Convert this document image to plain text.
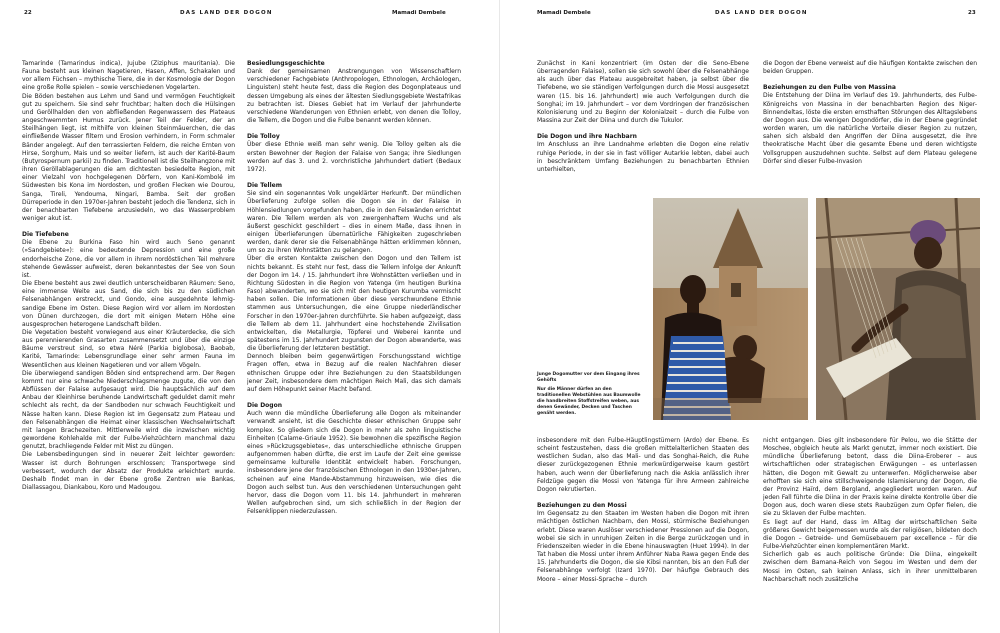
22	DAS LAND DER DOGON	Mamadi Dembele

Tamarinde (Tamarindus indica), Jujube (Ziziphus mauritania). Die Fauna besteht aus kleinen Nagetieren, Hasen, Affen, Schakalen und vor allem Füchsen – mythische Tiere, die in der Kosmologie der Dogon eine große Rolle spielen – sowie verschiedenen Vogelarten.

Die Böden bestehen aus Lehm und Sand und vermögen Feuchtigkeit gut zu speichern. Sie sind sehr fruchtbar; halten doch die Hülsingen und Geröllhalden den von abfließenden Regenwassern des Plateaus angeschwemmten Humus zurück. Jener Teil der Felder, der an Steilhängen liegt, ist mithilfe von kleinen Steinmäuerchen, die das einfließende Wasser filtern und Erosion verhindern, in Form schmaler Bänder angelegt. Auf den terrassierten Feldern, die reiche Ernten von Hirse, Sorghum, Mais und so weiter liefern, ist auch der Karité-Baum (Butyrospernum parkii) zu finden. Traditionell ist die Steilhangzone mit ihren Geröllablagerungen die am dichtesten besiedelte Region, mit einer Vielzahl von hochgelegenen Dörfern, von Kani-Kombolé im Südwesten bis Kona im Nordosten, und großen Flecken wie Dourou, Sanga, Tireli, Yendouma, Ningari, Bamba. Seit der großen Dürreperiode in den 1970er-Jahren besteht jedoch die Tendenz, sich in der benachbarten Tiefebene anzusiedeln, wo das Wasserproblem weniger akut ist.

Die Tiefebene

Die Ebene zu Burkina Faso hin wird auch Seno genannt (»Sandgebiete«): eine bedeutende Depression und eine große endorheische Zone, die vor allem in ihrem nordöstlichen Teil mehrere stehende Gewässer aufweist, deren bekanntestes der See von Soun ist.

Die Ebene besteht aus zwei deutlich unterscheidbaren Räumen: Seno, eine immense Weite aus Sand, die sich bis zu den südlichen Felsenabhängen erstreckt, und Gondo, eine ausgedehnte lehmig-sandige Ebene im Osten. Diese Region wird vor allem im Nordosten von Dünen durchzogen, die dort mit einigen Metern Höhe eine ausgesprochen heterogene Landschaft bilden.

Die Vegetation besteht vorwiegend aus einer Kräuterdecke, die sich aus perennierenden Grasarten zusammensetzt und über die einzige Bäume verstreut sind, so etwa Néré (Parkia biglobosa), Baobab, Karité, Tamarinde: Lebensgrundlage einer sehr armen Fauna im Wesentlichen aus kleinen Nagetieren und vor allem Vögeln.

Die überwiegend sandigen Böden sind entsprechend arm. Der Regen kommt nur eine schwache Niederschlagsmenge zugute, die von den Abflüssen der Falaise aufgesaugt wird. Die hauptsächlich auf dem Anbau der Kleinhirse beruhende Landwirtschaft geduldet damit mehr schlecht als recht, da der Sandboden nur schwach Feuchtigkeit und Nässe halten kann. Diese Region ist im Gegensatz zum Plateau und den Felsenabhängen die Heimat einer klassischen Wechselwirtschaft mit langen Brachezeiten. Mittlerweile wird die inzwischen wichtig gewordene Kohlehalde mit der Fulbe-Viehzüchtern manchmal dazu genutzt, brachliegende Felder mit Mist zu düngen.

Die Lebensbedingungen sind in neuerer Zeit leichter geworden: Wasser ist durch Bohrungen erschlossen; Transportwege sind verbessert, wodurch der Absatz der Produkte erleichtert wurde. Deshalb findet man in der Ebene große Zentren wie Bankas, Diallassagou, Diankabou, Koro und Madougou.

Besiedlungsgeschichte

Dank der gemeinsamen Anstrengungen von Wissenschaftlern verschiedener Fachgebiete (Anthropologen, Ethnologen, Archäologen, Linguisten) steht heute fest, dass die Region des Dogonplateaus und dessen Umgebung als eines der ältesten Siedlungsgebiete Westafrikas zu betrachten ist. Dieses Gebiet hat im Verlauf der Jahrhunderte verschiedene Wanderungen von Ethnien erlebt, von denen die Tolloy, die Tellem, die Dogon und die Fulbe benannt werden können.

Die Tolloy

Über diese Ethnie weiß man sehr wenig. Die Tolloy gelten als die ersten Bewohner der Region der Falaise von Sanga; ihre Siedlungen werden auf das 3. und 2. vorchristliche Jahrhundert datiert (Bedaux 1972).

Die Tellem

Sie sind ein sogenanntes Volk ungeklärter Herkunft. Der mündlichen Überlieferung zufolge sollen die Dogon sie in der Falaise in Höhlensiedlungen vorgefunden haben, die in den Felswänden errichtet waren. Die Tellem werden als von zwergenhaftem Wuchs und als äußerst geschickt geschildert – dies in einem Maße, dass ihnen in einigen Überlieferungen übernatürliche Fähigkeiten zugeschrieben werden, dank derer sie die Felsenabhänge hätten erklimmen können, um so zu ihren Wohnstätten zu gelangen.

Über die ersten Kontakte zwischen den Dogon und den Tellem ist nichts bekannt. Es steht nur fest, dass die Tellem infolge der Ankunft der Dogon im 14. / 15. Jahrhundert ihre Wohnstätten verließen und in Richtung Südosten in die Region von Yatenga (im heutigen Burkina Faso) abwanderten, wo sie sich mit den heutigen Kurumba vermischt haben sollen. Die Informationen über diese verschwundene Ethnie stammen aus Untersuchungen, die eine Gruppe niederländischer Forscher in den 1970er-Jahren durchführte. Sie haben aufgezeigt, dass die Tellem ab dem 11. Jahrhundert eine hochstehende Zivilisation entwickelten, die Metallurgie, Töpferei und Weberei kannte und spätestens im 15. Jahrhundert zugunsten der Dogon abwanderte, was die Überlieferung der letzteren bestätigt.

Dennoch bleiben beim gegenwärtigen Forschungsstand wichtige Fragen offen, etwa in Bezug auf die realen Nachfahren dieser ethnischen Gruppe oder ihre Beziehungen zu den Staatsbildungen jener Zeit, insbesondere dem mächtigen Reich Mali, das sich damals auf dem Höhepunkt seiner Macht befand.

Die Dogon

Auch wenn die mündliche Überlieferung alle Dogon als miteinander verwandt ansieht, ist die Geschichte dieser ethnischen Gruppe sehr komplex. So gliedern sich die Dogon in mehr als zehn linguistische Einheiten (Calame-Griaule 1952). Sie bewohnen die spezifische Region eines »Rückzugsgebietes«, das unterschiedliche ethnische Gruppen aufgenommen haben dürfte, die erst im Laufe der Zeit eine gewisse gemeinsame kulturelle Identität entwickelt haben. Forschungen, insbesondere jene der französischen Ethnologen in den 1930er-Jahren, scheinen auf eine Mande-Abstammung hinzuweisen, wie dies die Dogon auch selbst tun. Aus den verschiedenen Untersuchungen geht hervor, dass die Dogon vom 11. bis 14. Jahrhundert in mehreren Wellen aufgebrochen sind, um sich schließlich in der Region der Felsenklippen niederzulassen.

Mamadi Dembele	DAS LAND DER DOGON	23

Zunächst in Kani konzentriert (im Osten der die Seno-Ebene überragenden Falaise), sollen sie sich sowohl über die Felsenabhänge als auch über das Plateau ausgebreitet haben, ja selbst über die Tiefebene, wo sie ständigen Verfolgungen durch die Mossi ausgesetzt waren (15. bis 16. Jahrhundert) wie auch Verfolgungen durch die Songhai; im 19. Jahrhundert – vor dem Vordringen der französischen Kolonisierung und zu Beginn der Kolonialzeit – durch die Fulbe von Massina zur Zeit der Diina und durch die Tukulor.

Die Dogon und ihre Nachbarn

Im Anschluss an ihre Landnahme erlebten die Dogon eine relativ ruhige Periode, in der sie in fast völliger Autarkie lebten, dabei auch in beschränktem Umfang Beziehungen zu benachbarten Ethnien unterhielten,

die Dogon der Ebene verweist auf die häufigen Kontakte zwischen den beiden Gruppen.

Beziehungen zu den Fulbe von Massina

Die Entstehung der Diina im Verlauf des 19. Jahrhunderts, des Fulbe-Königreichs von Massina in der benachbarten Region des Niger-Binnendeltas, löste die ersten ernsthaften Störungen des Alltagslebens der Dogon aus. Die wenigen Dogondörfer, die in der Ebene gegründet worden waren, um die natürliche Vorteile dieser Region zu nutzen, sahen sich alsbald den Angriffen der Diina ausgesetzt, die ihre theokratische Macht über die gesamte Ebene und deren wichtigste Vollsgruppen auszudehnen suchte. Selbst auf dem Plateau gelegene Dörfer sind dieser Fulbe-Invasion

Junge Dogomutter vor dem Eingang ihres Gehöfts

Nur die Männer dürfen an den traditionellen Webstühlen aus Baumwolle die handbreiten Stoffstreifen weben, aus denen Gewänder, Decken und Taschen genäht werden.

insbesondere mit den Fulbe-Häuptlingstümern (Ardo) der Ebene. Es scheint festzustehen, dass die großen mittelalterlichen Staaten des westlichen Sudan, also das Mali- und das Songhai-Reich, die Ruhe dieser zurückgezogenen Ethnie merkwürdigerweise kaum gestört haben, auch wenn der Überlieferung nach die Askia anlässlich ihrer Feldzüge gegen die Mossi von Yatenga für ihre Armeen zahlreiche Dogon rekrutierten.

Beziehungen zu den Mossi

Im Gegensatz zu den Staaten im Westen haben die Dogon mit ihren mächtigen östlichen Nachbarn, den Mossi, stürmische Beziehungen erlebt. Diese waren Auslöser verschiedener Pressionen auf die Dogon, wobei sie sich in unruhigen Zeiten in die Berge zurückzogen und in Friedenszeiten wieder in die Ebene hinauswagten (Huet 1994). In der Tat haben die Mossi unter ihrem Anführer Naba Rawa gegen Ende des 15. Jahrhunderts die Dogon, die sie Kibsi nannten, bis an den Fuß der Felsenabhänge verfolgt (Izard 1970). Der häufige Gebrauch des Moore – einer Mossi-Sprache – durch

nicht entgangen. Dies gilt insbesondere für Pelou, wo die Stätte der Moschee, obgleich heute als Markt genutzt, immer noch existiert. Die mündliche Überlieferung betont, dass die Diina-Eroberer – aus wirtschaftlichen oder strategischen Erwägungen – es unterlassen hätten, die Dogon mit Gewalt zu unterwerfen. Möglicherweise aber erhofften sie sich eine stillschweigende Islamisierung der Dogon, die der Provinz Haïrd, dem Bergland, angegliedert worden waren. Auf jeden Fall führte die Diina in der Praxis keine direkte Kontrolle über die Dogon aus, doch waren diese stets Raubzügen zum Opfer fielen, die sie zu Sklaven der Fulbe machten.

Es liegt auf der Hand, dass im Alltag der wirtschaftlichen Seite größeres Gewicht beigemessen wurde als der religiösen, bildeten doch die Dogon – Getreide- und Gemüsebauern par excellence – für die Fulbe-Viehzüchter einen komplementären Markt.

Sicherlich gab es auch politische Gründe: Die Diina, eingekeilt zwischen dem Bamana-Reich von Segou im Westen und dem der Mossi im Osten, sah keinen Anlass, sich in ihrer unmittelbaren Nachbarschaft noch zusätzliche
